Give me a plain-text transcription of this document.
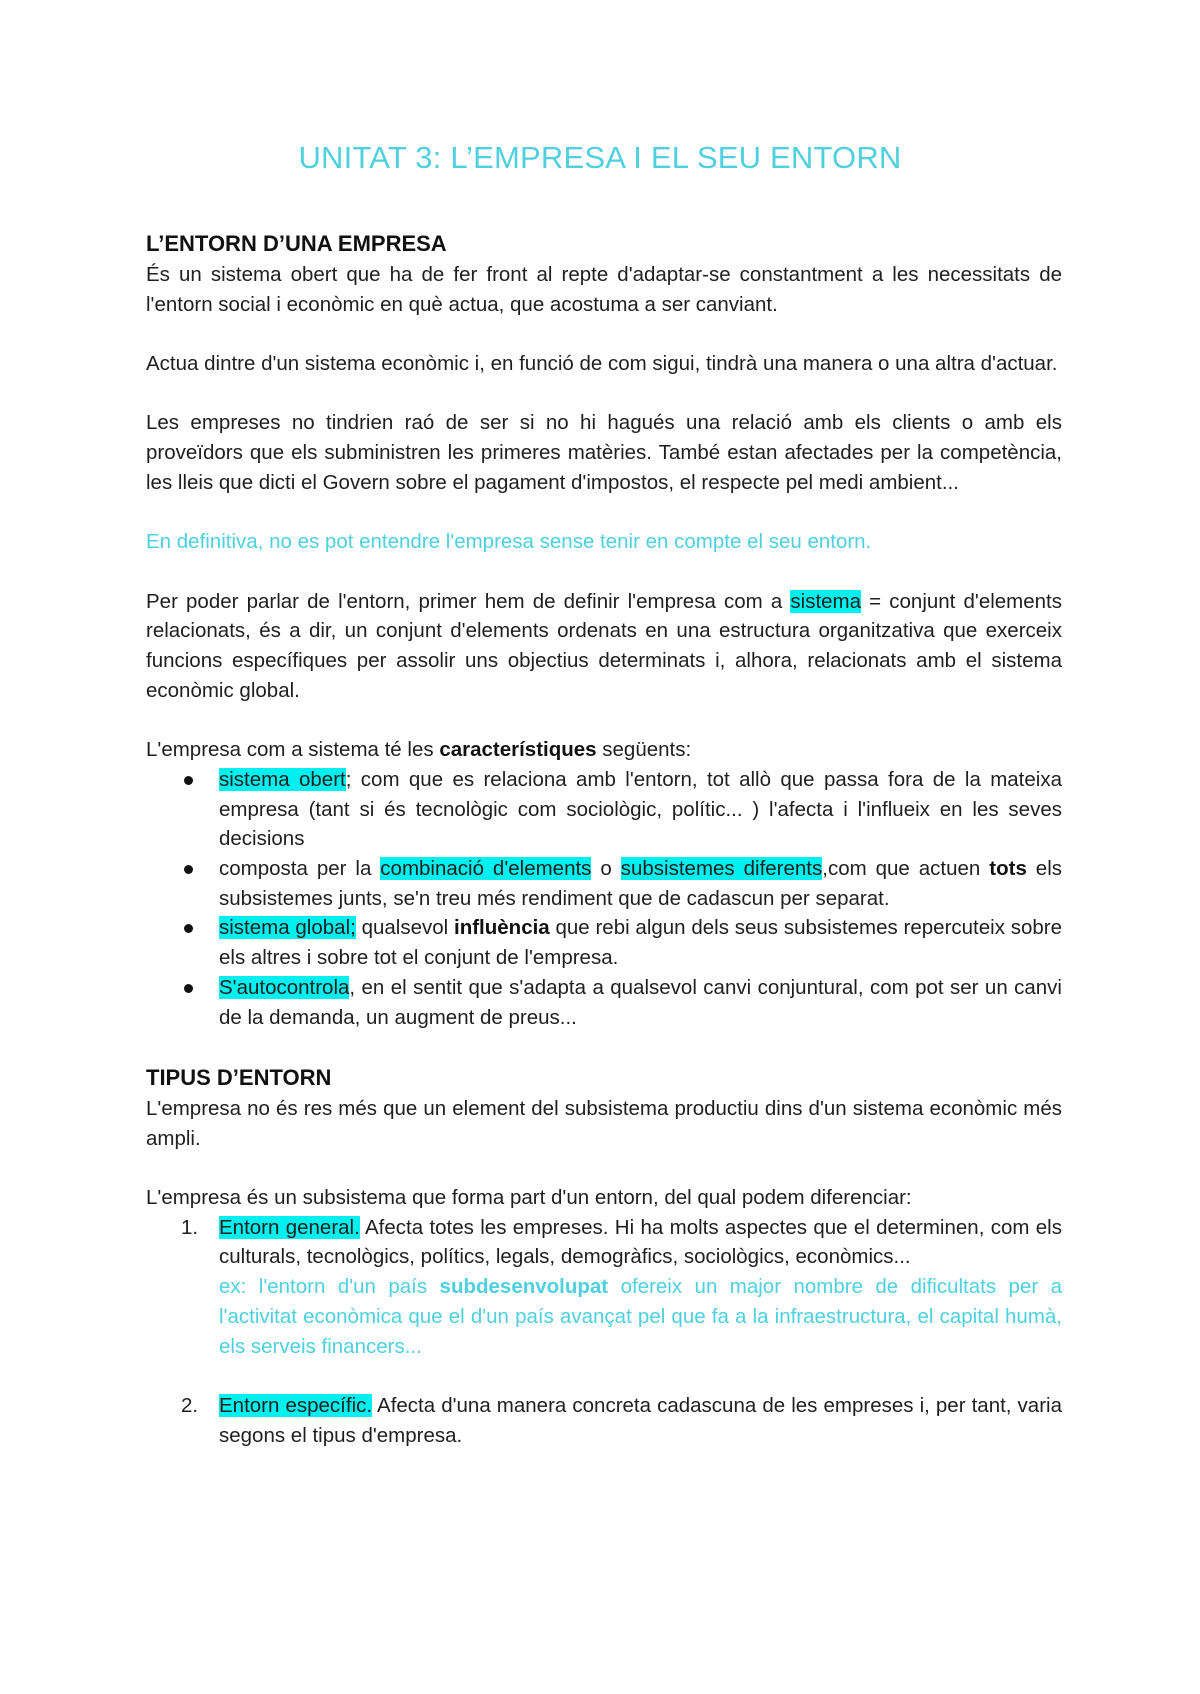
UNITAT 3: L’EMPRESA I EL SEU ENTORN
L’ENTORN D’UNA EMPRESA

És un sistema obert que ha de fer front al repte d'adaptar-se constantment a les necessitats de l'entorn social i econòmic en què actua, que acostuma a ser canviant.

Actua dintre d'un sistema econòmic i, en funció de com sigui, tindrà una manera o una altra d'actuar.

Les empreses no tindrien raó de ser si no hi hagués una relació amb els clients o amb els proveïdors que els subministren les primeres matèries. També estan afectades per la competència, les lleis que dicti el Govern sobre el pagament d'impostos, el respecte pel medi ambient...

En definitiva, no es pot entendre l'empresa sense tenir en compte el seu entorn.

Per poder parlar de l'entorn, primer hem de definir l'empresa com a sistema = conjunt d'elements relacionats, és a dir, un conjunt d'elements ordenats en una estructura organitzativa que exerceix funcions específiques per assolir uns objectius determinats i, alhora, relacionats amb el sistema econòmic global.

L'empresa com a sistema té les característiques següents:

sistema obert; com que es relaciona amb l'entorn, tot allò que passa fora de la mateixa empresa (tant si és tecnològic com sociològic, polític... ) l'afecta i l'influeix en les seves decisions
composta per la combinació d'elements o subsistemes diferents,com que actuen tots els subsistemes junts, se'n treu més rendiment que de cadascun per separat.
sistema global; qualsevol influència que rebi algun dels seus subsistemes repercuteix sobre els altres i sobre tot el conjunt de l'empresa.
S'autocontrola, en el sentit que s'adapta a qualsevol canvi conjuntural, com pot ser un canvi de la demanda, un augment de preus...
TIPUS D’ENTORN

L'empresa no és res més que un element del subsistema productiu dins d'un sistema econòmic més ampli.

L'empresa és un subsistema que forma part d'un entorn, del qual podem diferenciar:

1. Entorn general. Afecta totes les empreses. Hi ha molts aspectes que el determinen, com els culturals, tecnològics, polítics, legals, demogràfics, sociològics, econòmics...
ex: l'entorn d'un país subdesenvolupat ofereix un major nombre de dificultats per a l'activitat econòmica que el d'un país avançat pel que fa a la infraestructura, el capital humà, els serveis financers...
2. Entorn específic. Afecta d'una manera concreta cadascuna de les empreses i, per tant, varia segons el tipus d'empresa.
